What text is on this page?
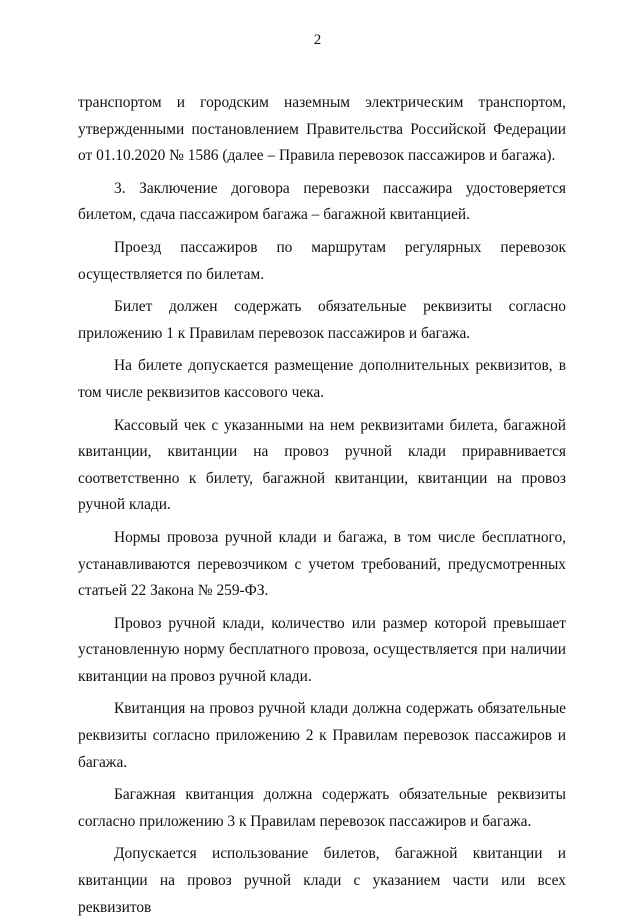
2
транспортом и городским наземным электрическим транспортом,
утвержденными постановлением Правительства Российской Федерации
от 01.10.2020 № 1586 (далее – Правила перевозок пассажиров и багажа).
3. Заключение договора перевозки пассажира удостоверяется
билетом, сдача пассажиром багажа – багажной квитанцией.
Проезд пассажиров по маршрутам регулярных перевозок
осуществляется по билетам.
Билет должен содержать обязательные реквизиты согласно
приложению 1 к Правилам перевозок пассажиров и багажа.
На билете допускается размещение дополнительных реквизитов, в
том числе реквизитов кассового чека.
Кассовый чек с указанными на нем реквизитами билета, багажной
квитанции, квитанции на провоз ручной клади приравнивается
соответственно к билету, багажной квитанции, квитанции на провоз
ручной клади.
Нормы провоза ручной клади и багажа, в том числе бесплатного,
устанавливаются перевозчиком с учетом требований, предусмотренных
статьей 22 Закона № 259-ФЗ.
Провоз ручной клади, количество или размер которой превышает
установленную норму бесплатного провоза, осуществляется при наличии
квитанции на провоз ручной клади.
Квитанция на провоз ручной клади должна содержать обязательные
реквизиты согласно приложению 2 к Правилам перевозок пассажиров и
багажа.
Багажная квитанция должна содержать обязательные реквизиты
согласно приложению 3 к Правилам перевозок пассажиров и багажа.
Допускается использование билетов, багажной квитанции и
квитанции на провоз ручной клади с указанием части или всех реквизитов
